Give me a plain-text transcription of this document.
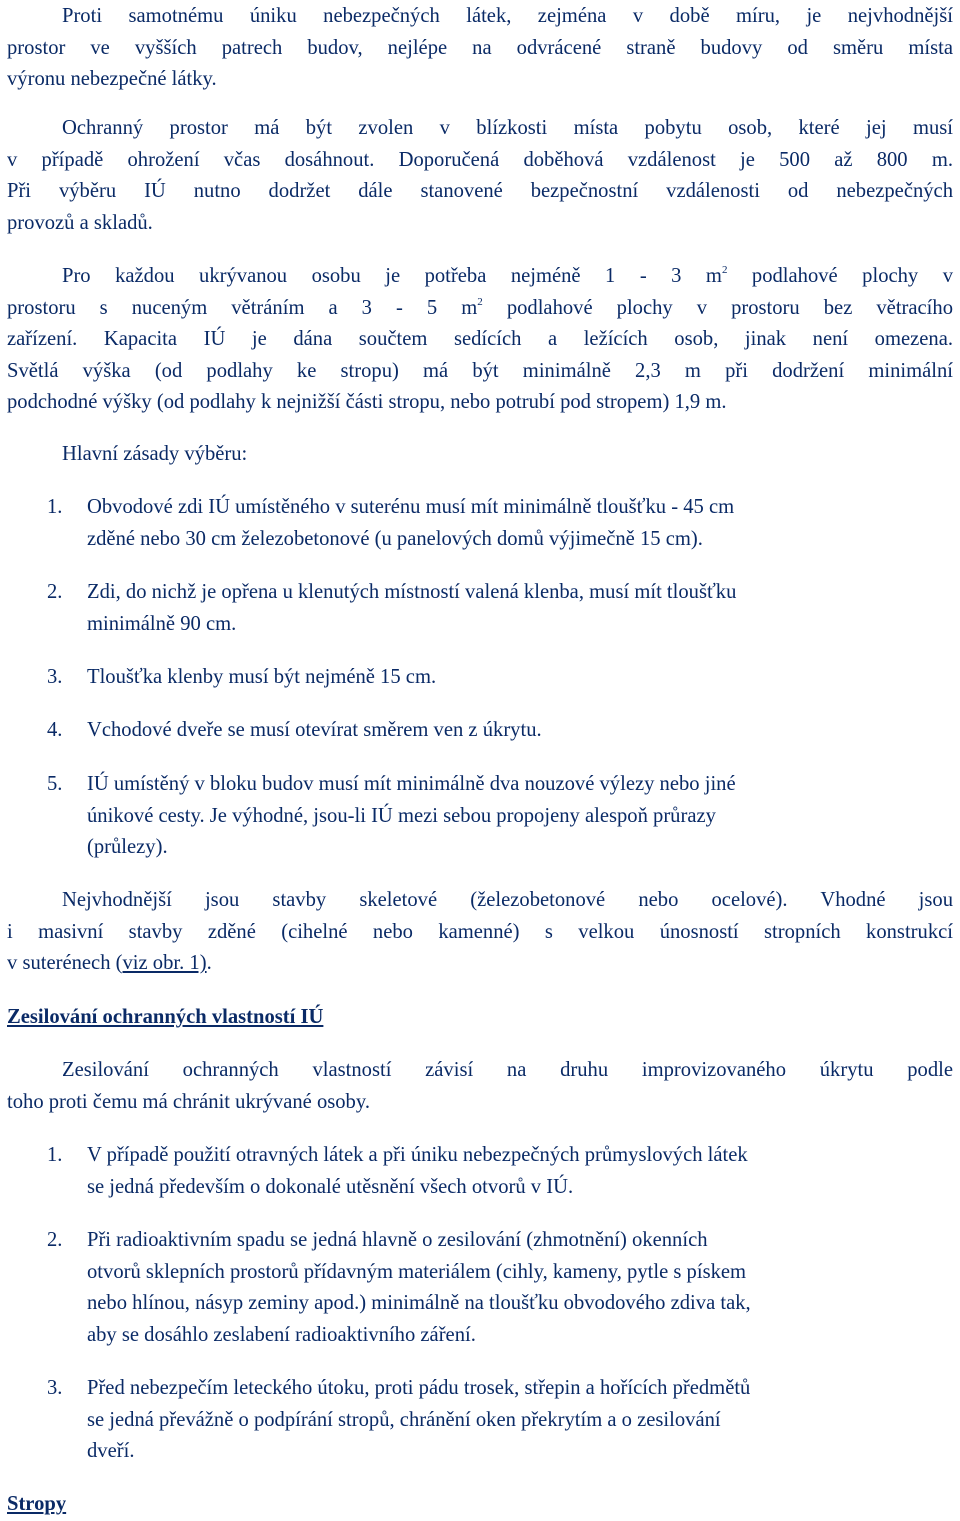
Proti samotnému úniku nebezpečných látek, zejména v době míru, je nejvhodnější
prostor ve vyšších patrech budov, nejlépe na odvrácené straně budovy od směru místa
výronu nebezpečné látky.
Ochranný prostor má být zvolen v blízkosti místa pobytu osob, které jej musí
v případě ohrožení včas dosáhnout. Doporučená doběhová vzdálenost je 500 až 800 m.
Při výběru IÚ nutno dodržet dále stanovené bezpečnostní vzdálenosti od nebezpečných
provozů a skladů.
Pro každou ukrývanou osobu je potřeba nejméně 1 - 3 $m^2$ podlahové plochy v
prostoru s nuceným větráním a 3 - 5 $m^2$ podlahové plochy v prostoru bez větracího
zařízení. Kapacita IÚ je dána součtem sedících a ležících osob, jinak není omezena.
Světlá výška (od podlahy ke stropu) má být minimálně 2,3 m při dodržení minimální
podchodné výšky (od podlahy k nejnižší části stropu, nebo potrubí pod stropem) 1,9 m.
Hlavní zásady výběru:
1.	Obvodové zdi IÚ umístěného v suterénu musí mít minimálně tloušťku - 45 cm
zděné nebo 30 cm železobetonové (u panelových domů výjimečně 15 cm).
2.	Zdi, do nichž je opřena u klenutých místností valená klenba, musí mít tloušťku
minimálně 90 cm.
3.	Tloušťka klenby musí být nejméně 15 cm.
4.	Vchodové dveře se musí otevírat směrem ven z úkrytu.
5.	IÚ umístěný v bloku budov musí mít minimálně dva nouzové výlezy nebo jiné
únikové cesty. Je výhodné, jsou-li IÚ mezi sebou propojeny alespoň průrazy
(průlezy).
Nejvhodnější jsou stavby skeletové (železobetonové nebo ocelové). Vhodné jsou
i masivní stavby zděné (cihelné nebo kamenné) s velkou únosností stropních konstrukcí
v suterénech (viz obr. 1).
Zesilování ochranných vlastností IÚ
Zesilování ochranných vlastností závisí na druhu improvizovaného úkrytu podle
toho proti čemu má chránit ukrývané osoby.
1.	V případě použití otravných látek a při úniku nebezpečných průmyslových látek
se jedná především o dokonalé utěsnění všech otvorů v IÚ.
2.	Při radioaktivním spadu se jedná hlavně o zesilování (zhmotnění) okenních
otvorů sklepních prostorů přídavným materiálem (cihly, kameny, pytle s pískem
nebo hlínou, násyp zeminy apod.) minimálně na tloušťku obvodového zdiva tak,
aby se dosáhlo zeslabení radioaktivního záření.
3.	Před nebezpečím leteckého útoku, proti pádu trosek, střepin a hořících předmětů
se jedná převážně o podpírání stropů, chránění oken překrytím a o zesilování
dveří.
Stropy
